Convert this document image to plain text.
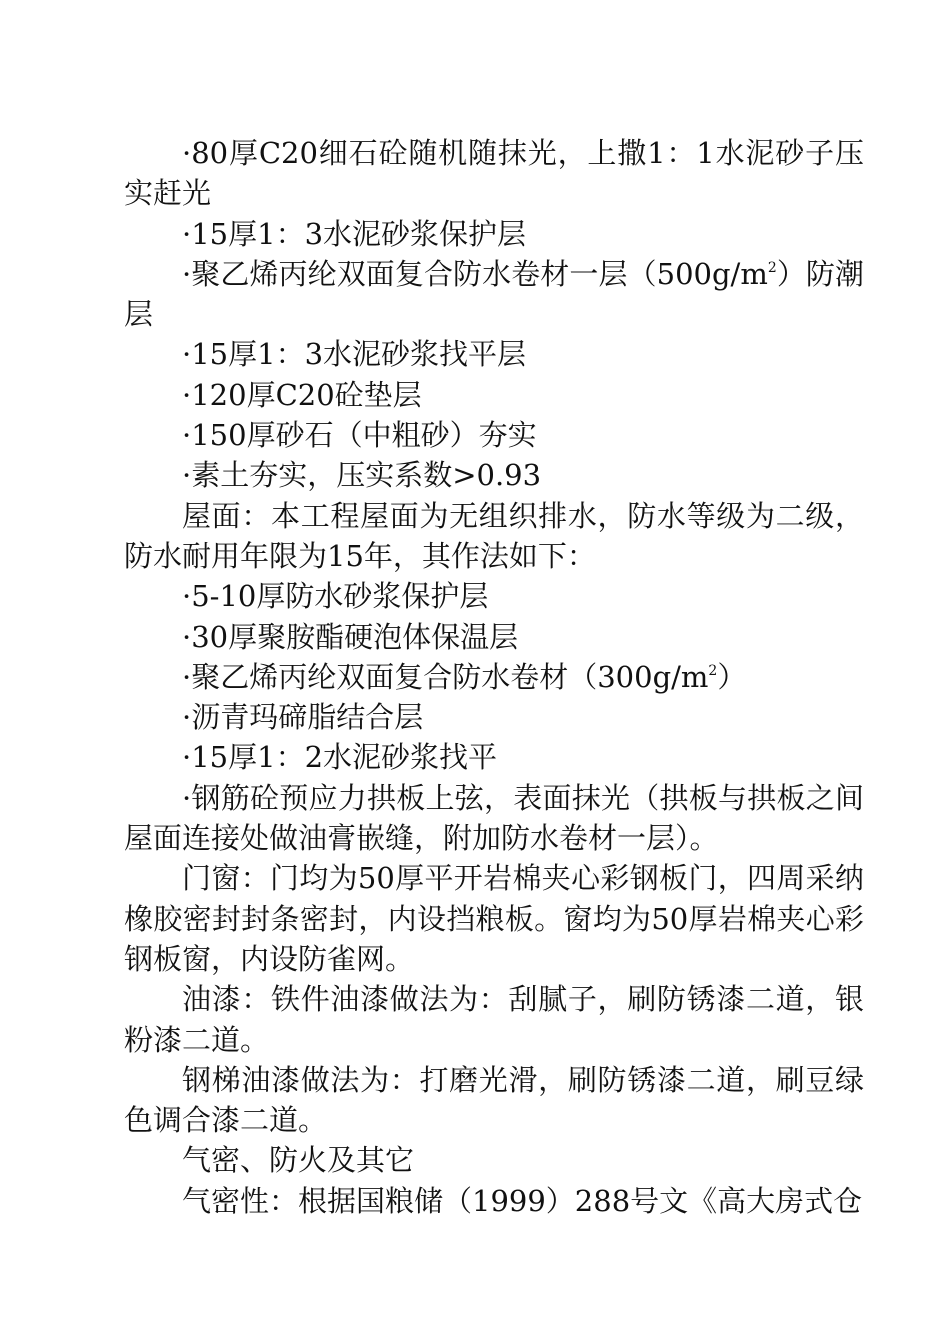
·80厚C20细石砼随机随抹光，上撒1：1水泥砂子压实赶光

·15厚1：3水泥砂浆保护层

·聚乙烯丙纶双面复合防水卷材一层$(500g/m^2)$防潮层

·15厚1：3水泥砂浆找平层

·120厚C20砼垫层

·150厚砂石（中粗砂）夯实

·素土夯实，压实系数>0.93

屋面：本工程屋面为无组织排水，防水等级为二级，防水耐用年限为15年，其作法如下：

·5-10厚防水砂浆保护层

·30厚聚胺酯硬泡体保温层

·聚乙烯丙纶双面复合防水卷材$(300g/m^2)$

·沥青玛碲脂结合层

·15厚1：2水泥砂浆找平

·钢筋砼预应力拱板上弦，表面抹光（拱板与拱板之间屋面连接处做油膏嵌缝，附加防水卷材一层）。

门窗：门均为50厚平开岩棉夹心彩钢板门，四周采纳橡胶密封封条密封，内设挡粮板。窗均为50厚岩棉夹心彩钢板窗，内设防雀网。

油漆：铁件油漆做法为：刮腻子，刷防锈漆二道，银粉漆二道。

钢梯油漆做法为：打磨光滑，刷防锈漆二道，刷豆绿色调合漆二道。

气密、防火及其它

气密性：根据国粮储（1999）288号文《高大房式仓
